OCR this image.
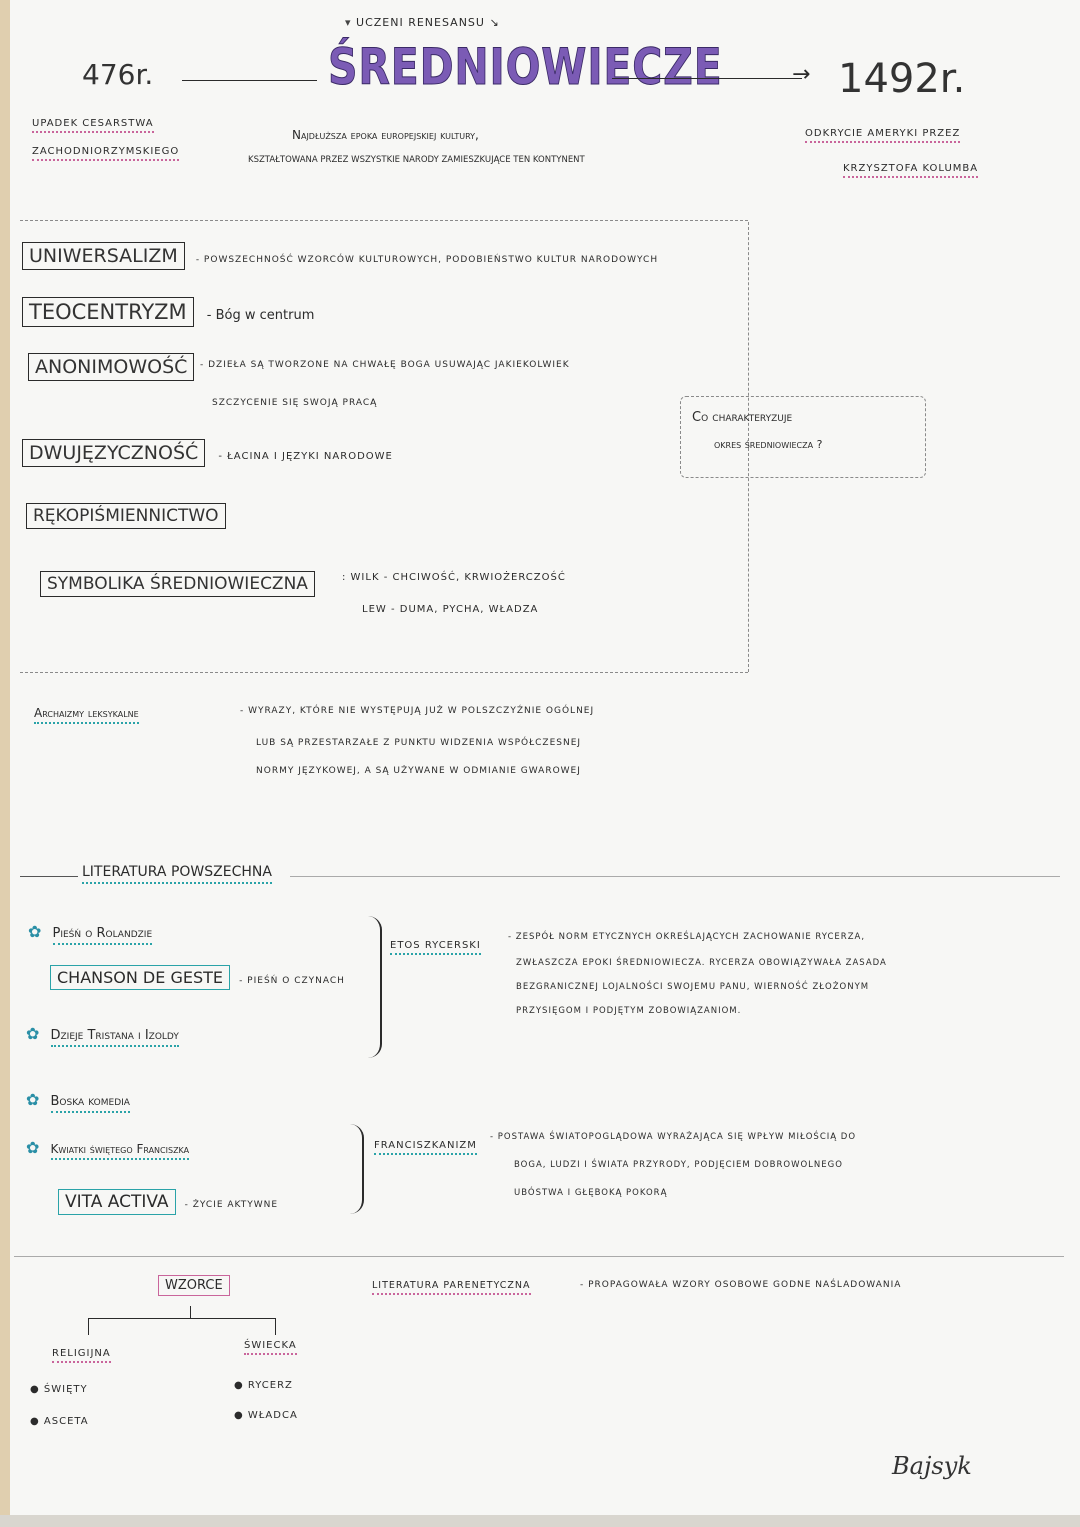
▾ UCZENI RENESANSU ↘
ŚREDNIOWIECZE
476r.	→ 1492r.
UPADEK CESARSTWA
ZACHODNIORZYMSKIEGO
ODKRYCIE AMERYKI PRZEZ
KRZYSZTOFA KOLUMBA
Najdłuższa epoka europejskiej kultury,
KSZTAŁTOWANA PRZEZ WSZYSTKIE NARODY ZAMIESZKUJĄCE TEN KONTYNENT
UNIWERSALIZM - POWSZECHNOŚĆ WZORCÓW KULTUROWYCH, PODOBIEŃSTWO KULTUR NARODOWYCH
TEOCENTRYZM - Bóg w centrum
ANONIMOWOŚĆ	- DZIEŁA SĄ TWORZONE NA CHWAŁĘ BOGA USUWAJĄC JAKIEKOLWIEK
SZCZYCENIE SIĘ SWOJĄ PRACĄ
DWUJĘZYCZNOŚĆ - ŁACINA I JĘZYKI NARODOWE
RĘKOPIŚMIENNICTWO
SYMBOLIKA ŚREDNIOWIECZNA	: WILK - CHCIWOŚĆ, KRWIOŻERCZOŚĆ
LEW - DUMA, PYCHA, WŁADZA
Co charakteryzuje
okres średniowiecza ?
Archaizmy leksykalne	- WYRAZY, KTÓRE NIE WYSTĘPUJĄ JUŻ W POLSZCZYŹNIE OGÓLNEJ
LUB SĄ PRZESTARZAŁE Z PUNKTU WIDZENIA WSPÓŁCZESNEJ
NORMY JĘZYKOWEJ, A SĄ UŻYWANE W ODMIANIE GWAROWEJ
LITERATURA POWSZECHNA
✿ Pieśń o Rolandzie
CHANSON DE GESTE - PIEŚŃ O CZYNACH
✿ Dzieje Tristana i Izoldy
ETOS RYCERSKI
- ZESPÓŁ NORM ETYCZNYCH OKREŚLAJĄCYCH ZACHOWANIE RYCERZA,
ZWŁASZCZA EPOKI ŚREDNIOWIECZA. RYCERZA OBOWIĄZYWAŁA ZASADA
BEZGRANICZNEJ LOJALNOŚCI SWOJEMU PANU, WIERNOŚĆ ZŁOŻONYM
PRZYSIĘGOM I PODJĘTYM ZOBOWIĄZANIOM.
✿ Boska komedia
✿ Kwiatki świętego Franciszka
VITA ACTIVA - ŻYCIE AKTYWNE
FRANCISZKANIZM
- POSTAWA ŚWIATOPOGLĄDOWA WYRAŻAJĄCA SIĘ WPŁYW MIŁOŚCIĄ DO
BOGA, LUDZI I ŚWIATA PRZYRODY, PODJĘCIEM DOBROWOLNEGO
UBÓSTWA I GŁĘBOKĄ POKORĄ
WZORCE
RELIGIJNA
ŚWIECKA
● ŚWIĘTY
● ASCETA
● RYCERZ
● WŁADCA
LITERATURA PARENETYCZNA	- PROPAGOWAŁA WZORY OSOBOWE GODNE NAŚLADOWANIA
Bajsyk
